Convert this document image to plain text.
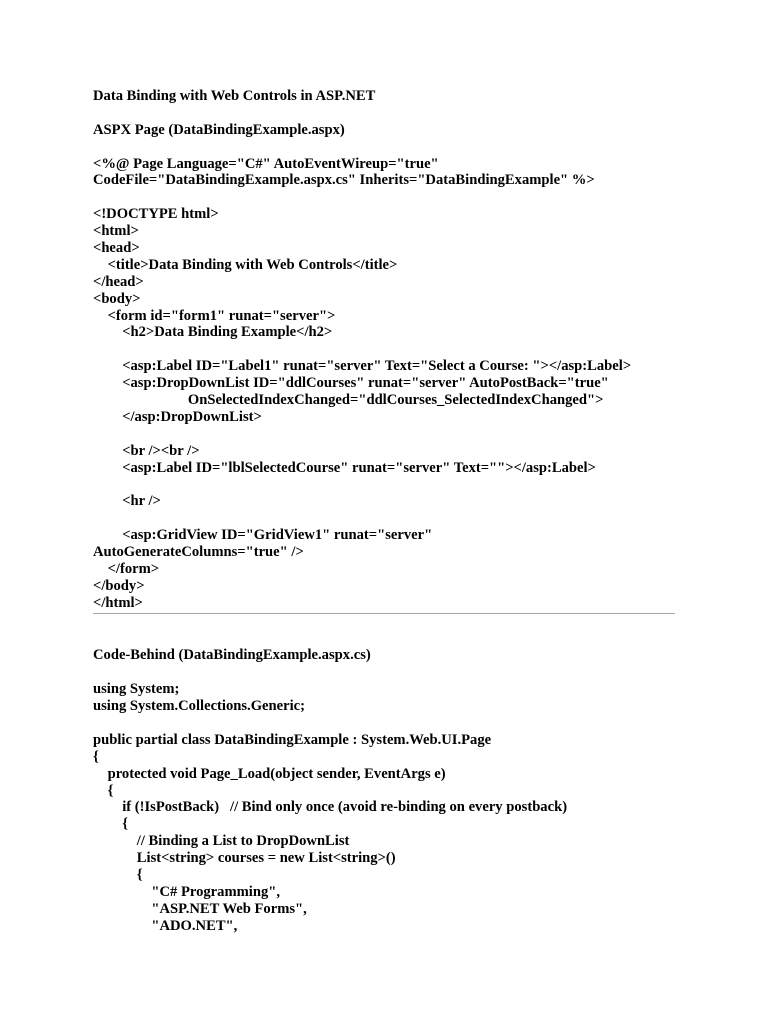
Data Binding with Web Controls in ASP.NET
ASPX Page (DataBindingExample.aspx)
<%@ Page Language="C#" AutoEventWireup="true"
CodeFile="DataBindingExample.aspx.cs" Inherits="DataBindingExample" %>
<!DOCTYPE html>
<html>
<head>
<title>Data Binding with Web Controls</title>
</head>
<body>
<form id="form1" runat="server">
<h2>Data Binding Example</h2>
<asp:Label ID="Label1" runat="server" Text="Select a Course: "></asp:Label>
<asp:DropDownList ID="ddlCourses" runat="server" AutoPostBack="true"
OnSelectedIndexChanged="ddlCourses_SelectedIndexChanged">
</asp:DropDownList>
<br /><br />
<asp:Label ID="lblSelectedCourse" runat="server" Text=""></asp:Label>
<hr />
<asp:GridView ID="GridView1" runat="server"
AutoGenerateColumns="true" />
</form>
</body>
</html>
Code-Behind (DataBindingExample.aspx.cs)
using System;
using System.Collections.Generic;
public partial class DataBindingExample : System.Web.UI.Page
{
protected void Page_Load(object sender, EventArgs e)
{
if (!IsPostBack)   // Bind only once (avoid re-binding on every postback)
{
// Binding a List to DropDownList
List<string> courses = new List<string>()
{
"C# Programming",
"ASP.NET Web Forms",
"ADO.NET",
